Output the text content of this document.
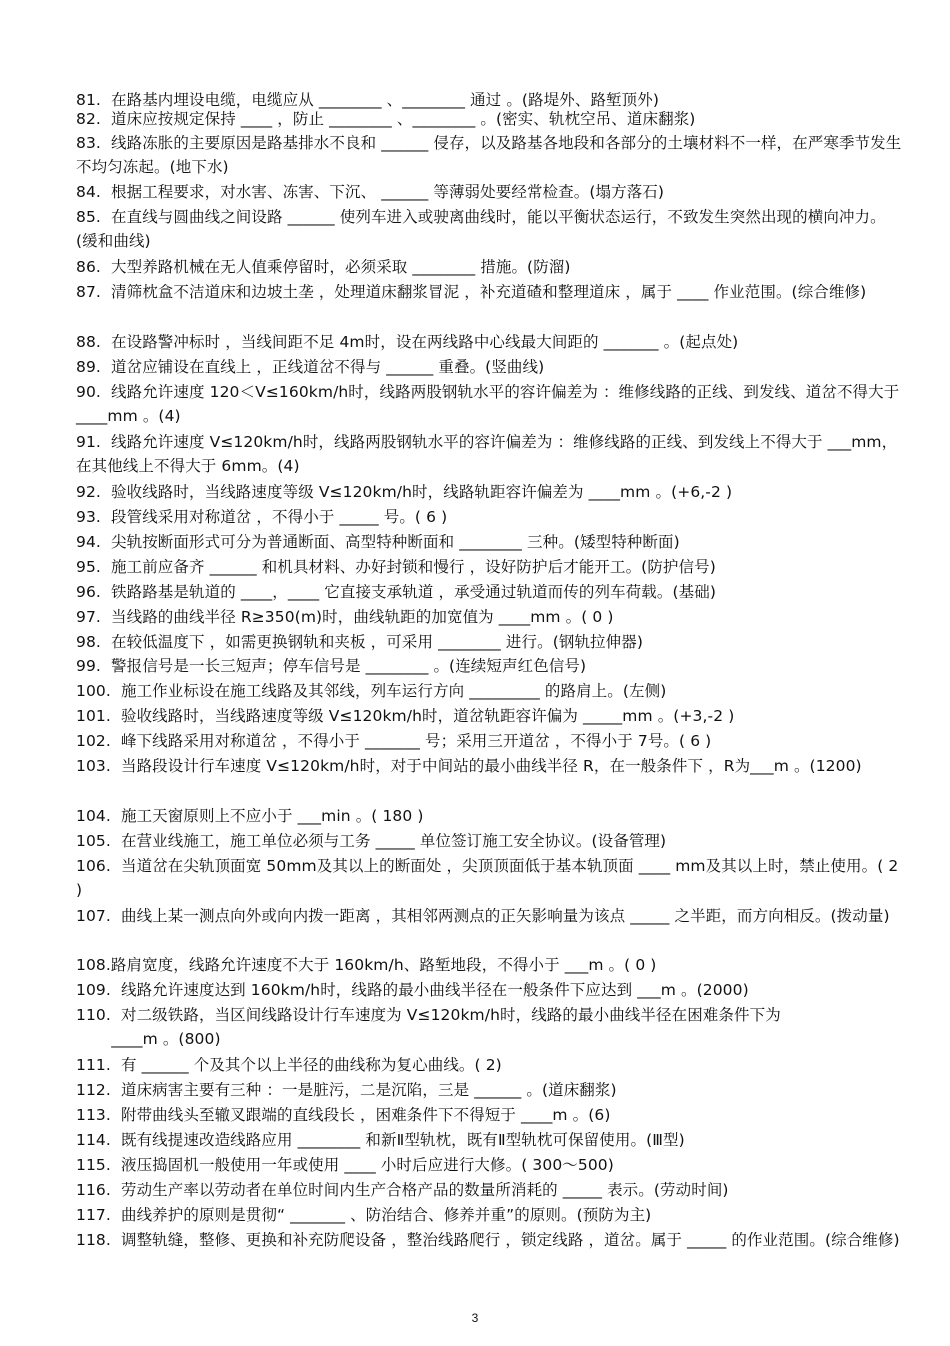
81.  在路基内埋设电缆，电缆应从 ________ 、________ 通过 。(路堤外、路堑顶外)
82.  道床应按规定保持 ____ ，防止 ________ 、________ 。(密实、轨枕空吊、道床翻浆)
83.  线路冻胀的主要原因是路基排水不良和 ______ 侵存，以及路基各地段和各部分的土壤材料不一样，在严寒季节发生不均匀冻起。(地下水)
84.  根据工程要求，对水害、冻害、下沉、 ______ 等薄弱处要经常检查。(塌方落石)
85.  在直线与圆曲线之间设路 ______ 使列车进入或驶离曲线时，能以平衡状态运行，不致发生突然出现的横向冲力。(缓和曲线)
86.  大型养路机械在无人值乘停留时，必须采取 ________ 措施。(防溜)
87.  清筛枕盒不洁道床和边坡土垄 ，处理道床翻浆冒泥 ，补充道碴和整理道床 ，属于 ____ 作业范围。(综合维修)
88.  在设路警冲标时 ，当线间距不足 4m时，设在两线路中心线最大间距的 _______ 。(起点处)
89.  道岔应铺设在直线上 ，正线道岔不得与 ______ 重叠。(竖曲线)
90.  线路允许速度 120＜V≤160km/h时，线路两股钢轨水平的容许偏差为 ：维修线路的正线、到发线、道岔不得大于 ____mm 。(4)
91.  线路允许速度 V≤120km/h时，线路两股钢轨水平的容许偏差为 ：维修线路的正线、到发线上不得大于 ___mm， 在其他线上不得大于 6mm。(4)
92.  验收线路时，当线路速度等级 V≤120km/h时，线路轨距容许偏差为 ____mm 。(+6,-2 )
93.  段管线采用对称道岔 ，不得小于 _____ 号。( 6 )
94.  尖轨按断面形式可分为普通断面、高型特种断面和 ________ 三种。(矮型特种断面)
95.  施工前应备齐 ______ 和机具材料、办好封锁和慢行 ，设好防护后才能开工。(防护信号)
96.  铁路路基是轨道的 ____，____ 它直接支承轨道 ，承受通过轨道而传的列车荷载。(基础)
97.  当线路的曲线半径 R≥350(m)时，曲线轨距的加宽值为 ____mm 。( 0 )
98.  在较低温度下 ，如需更换钢轨和夹板 ，可采用 ________ 进行。(钢轨拉伸器)
99.  警报信号是一长三短声；停车信号是 ________ 。(连续短声红色信号)
100.  施工作业标设在施工线路及其邻线，列车运行方向 _________ 的路肩上。(左侧)
101.  验收线路时，当线路速度等级 V≤120km/h时，道岔轨距容许偏为 _____mm 。(+3,-2 )
102.  峰下线路采用对称道岔 ，不得小于 _______ 号；采用三开道岔 ，不得小于 7号。( 6 )
103.  当路段设计行车速度 V≤120km/h时，对于中间站的最小曲线半径 R，在一般条件下 ，R为___m 。(1200)
104.  施工天窗原则上不应小于 ___min 。( 180 )
105.  在营业线施工，施工单位必须与工务 _____ 单位签订施工安全协议。(设备管理)
106.  当道岔在尖轨顶面宽 50mm及其以上的断面处 ，尖顶顶面低于基本轨顶面 ____ mm及其以上时，禁止使用。( 2 )
107.  曲线上某一测点向外或向内拨一距离 ，其相邻两测点的正矢影响量为该点 _____ 之半距，而方向相反。(拨动量)
108.路肩宽度，线路允许速度不大于 160km/h、路堑地段，不得小于 ___m 。( 0 )
109.  线路允许速度达到 160km/h时，线路的最小曲线半径在一般条件下应达到 ___m 。(2000)
110.  对二级铁路，当区间线路设计行车速度为 V≤120km/h时，线路的最小曲线半径在困难条件下为
____m 。(800)
111.  有 ______ 个及其个以上半径的曲线称为复心曲线。( 2)
112.  道床病害主要有三种 ：一是脏污，二是沉陷，三是 ______ 。(道床翻浆)
113.  附带曲线头至辙叉跟端的直线段长 ，困难条件下不得短于 ____m 。(6)
114.  既有线提速改造线路应用 ________ 和新Ⅱ型轨枕，既有Ⅱ型轨枕可保留使用。(Ⅲ型)
115.  液压捣固机一般使用一年或使用 ____ 小时后应进行大修。( 300～500)
116.  劳动生产率以劳动者在单位时间内生产合格产品的数量所消耗的 _____ 表示。(劳动时间)
117.  曲线养护的原则是贯彻“ _______ 、防治结合、修养并重”的原则。(预防为主)
118.  调整轨缝，整修、更换和补充防爬设备 ，整治线路爬行 ，锁定线路 ，道岔。属于 _____ 的作业范围。(综合维修)
3
